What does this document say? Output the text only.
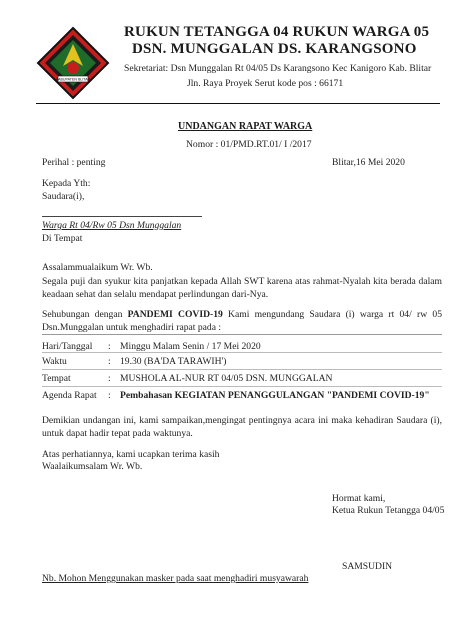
KABUPATEN BLITAR
RUKUN TETANGGA 04 RUKUN WARGA 05
DSN. MUNGGALAN DS. KARANGSONO
Sekretariat: Dsn Munggalan Rt 04/05 Ds Karangsono Kec Kanigoro Kab. Blitar
Jln. Raya Proyek Serut kode pos : 66171
UNDANGAN RAPAT WARGA
Nomor : 01/PMD.RT.01/ I /2017
Perihal : penting	Blitar,16 Mei 2020
Kepada Yth:
Saudara(i),
Warga Rt 04/Rw 05 Dsn Munggalan
Di Tempat
Assalammualaikum Wr. Wb.
Segala puji dan syukur kita panjatkan kepada Allah SWT karena atas rahmat-Nyalah kita berada dalam keadaan sehat dan selalu mendapat perlindungan dari-Nya.
Sehubungan dengan PANDEMI COVID-19 Kami mengundang Saudara (i) warga rt 04/ rw 05 Dsn.Munggalan untuk menghadiri rapat pada :
Hari/Tanggal : Minggu Malam Senin / 17 Mei 2020
Waktu	: 19.30 (BA'DA TARAWIH')
Tempat	: MUSHOLA AL-NUR RT 04/05 DSN. MUNGGALAN
Agenda Rapat : Pembahasan KEGIATAN PENANGGULANGAN "PANDEMI COVID-19"
Demikian undangan ini, kami sampaikan,mengingat pentingnya acara ini maka kehadiran Saudara (i), untuk dapat hadir tepat pada waktunya.
Atas perhatiannya, kami ucapkan terima kasih
Waalaikumsalam Wr. Wb.
Hormat kami,
Ketua Rukun Tetangga 04/05
SAMSUDIN
Nb. Mohon Menggunakan masker pada saat menghadiri musyawarah
